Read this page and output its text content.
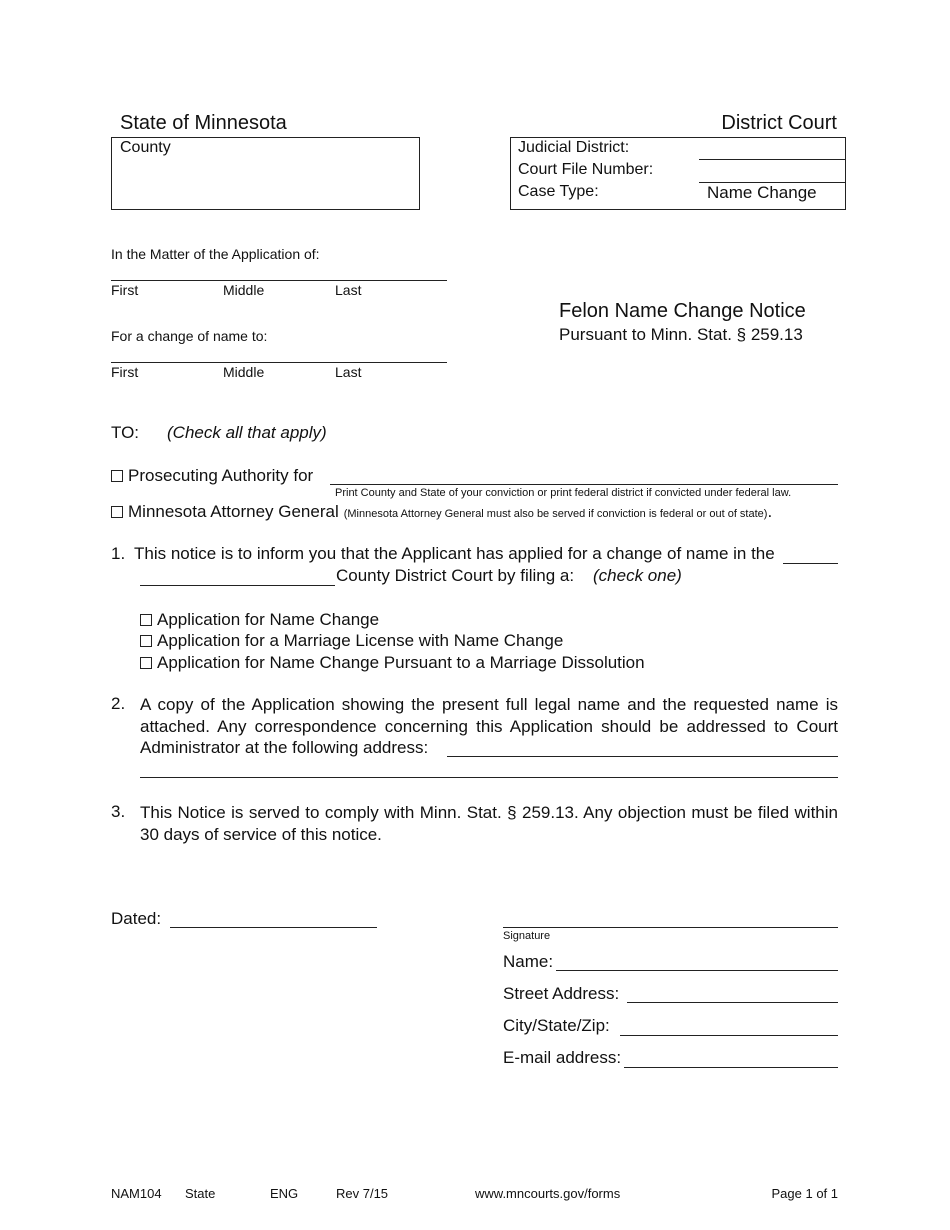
State of Minnesota	District Court
County	Judicial District:
Court File Number:
Case Type:	Name Change
In the Matter of the Application of:
First	Middle	Last
For a change of name to:
First	Middle	Last
Felon Name Change Notice
Pursuant to Minn. Stat. § 259.13
TO: (Check all that apply)
Prosecuting Authority for
Print County and State of your conviction or print federal district if convicted under federal law.
Minnesota Attorney General (Minnesota Attorney General must also be served if conviction is federal or out of state).
1. This notice is to inform you that the Applicant has applied for a change of name in the
County District Court by filing a: (check one)
Application for Name Change
Application for a Marriage License with Name Change
Application for Name Change Pursuant to a Marriage Dissolution
2. A copy of the Application showing the present full legal name and the requested name is attached. Any correspondence concerning this Application should be addressed to Court Administrator at the following address:
3. This Notice is served to comply with Minn. Stat. § 259.13. Any objection must be filed within 30 days of service of this notice.
Dated:
Signature
Name:
Street Address:
City/State/Zip:
E-mail address:
NAM104 State	ENG	Rev 7/15	www.mncourts.gov/forms	Page 1 of 1
